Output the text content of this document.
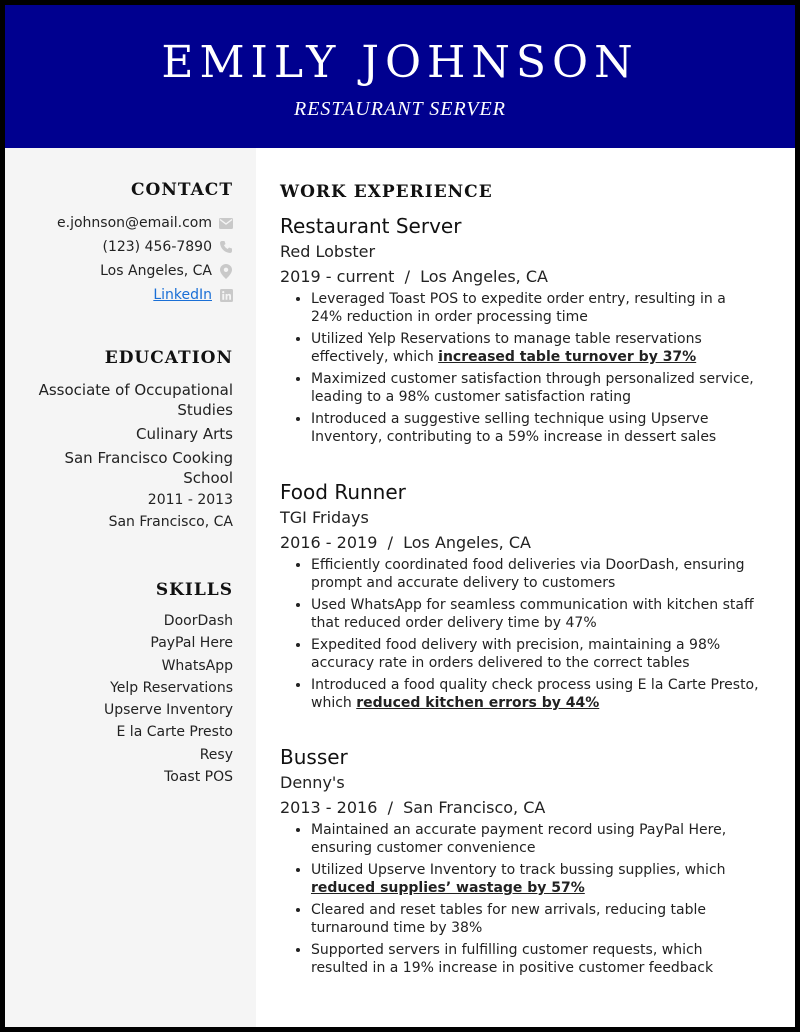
EMILY JOHNSON
RESTAURANT SERVER
CONTACT
e.johnson@email.com
(123) 456-7890
Los Angeles, CA
LinkedIn
EDUCATION
Associate of Occupational Studies
Culinary Arts
San Francisco Cooking School
2011 - 2013
San Francisco, CA
SKILLS
DoorDash
PayPal Here
WhatsApp
Yelp Reservations
Upserve Inventory
E la Carte Presto
Resy
Toast POS
WORK EXPERIENCE
Restaurant Server
Red Lobster
2019 - current / Los Angeles, CA
• Leveraged Toast POS to expedite order entry, resulting in a 24% reduction in order processing time
• Utilized Yelp Reservations to manage table reservations effectively, which increased table turnover by 37%
• Maximized customer satisfaction through personalized service, leading to a 98% customer satisfaction rating
• Introduced a suggestive selling technique using Upserve Inventory, contributing to a 59% increase in dessert sales
Food Runner
TGI Fridays
2016 - 2019 / Los Angeles, CA
• Efficiently coordinated food deliveries via DoorDash, ensuring prompt and accurate delivery to customers
• Used WhatsApp for seamless communication with kitchen staff that reduced order delivery time by 47%
• Expedited food delivery with precision, maintaining a 98% accuracy rate in orders delivered to the correct tables
• Introduced a food quality check process using E la Carte Presto, which reduced kitchen errors by 44%
Busser
Denny's
2013 - 2016 / San Francisco, CA
• Maintained an accurate payment record using PayPal Here, ensuring customer convenience
• Utilized Upserve Inventory to track bussing supplies, which reduced supplies’ wastage by 57%
• Cleared and reset tables for new arrivals, reducing table turnaround time by 38%
• Supported servers in fulfilling customer requests, which resulted in a 19% increase in positive customer feedback
